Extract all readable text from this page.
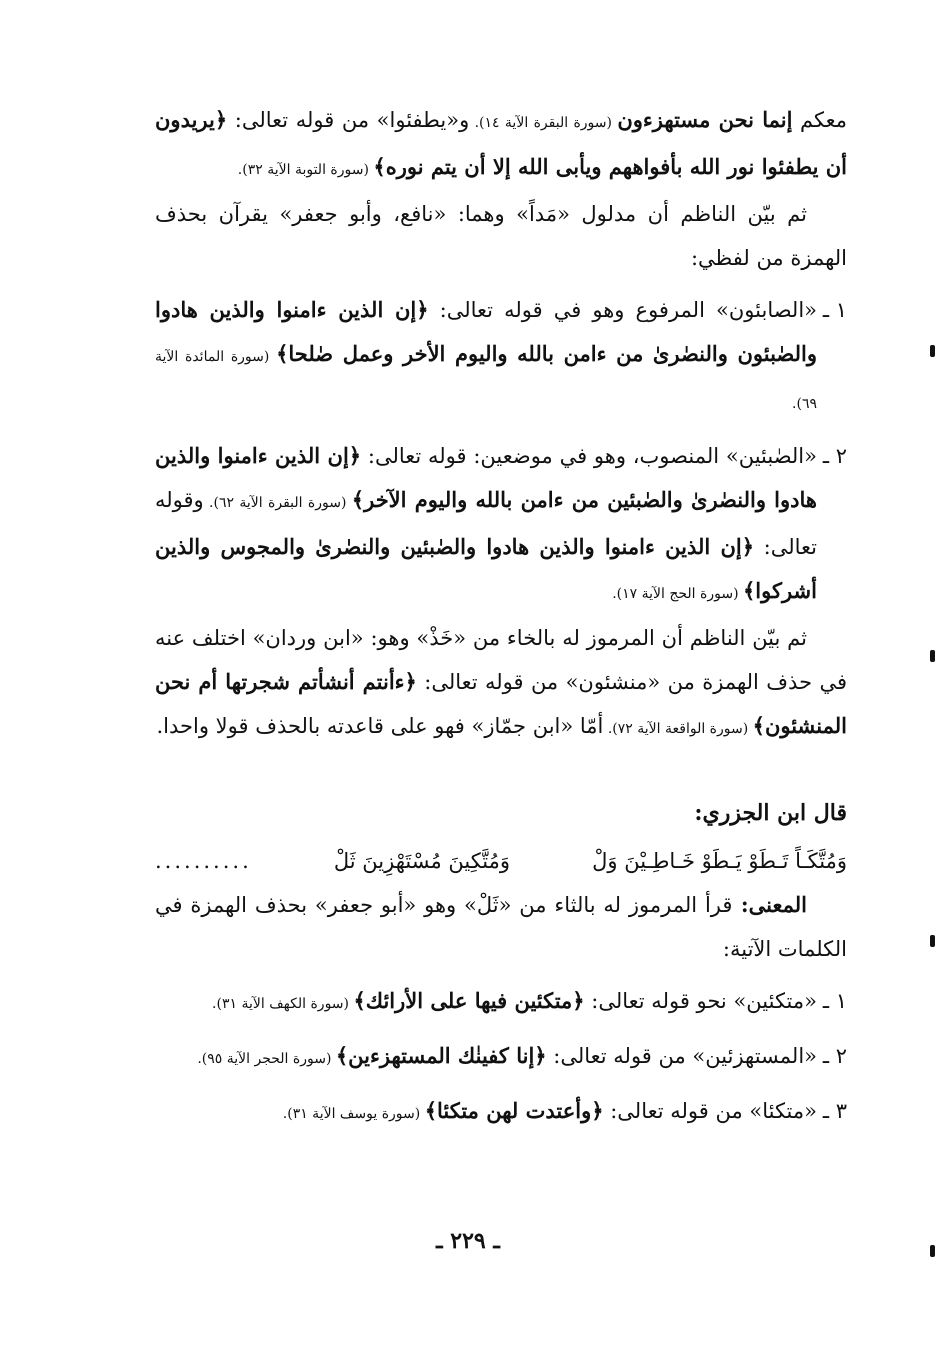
معكم إنما نحن مستهزءون (سورة البقرة الآية ١٤). و«يطفئوا» من قوله تعالى: ﴿يريدون أن يطفئوا نور الله بأفواههم ويأبى الله إلا أن يتم نوره﴾ (سورة التوبة الآية ٣٢).

ثم بيّن الناظم أن مدلول «مَداً» وهما: «نافع، وأبو جعفر» يقرآن بحذف الهمزة من لفظي:

١ ـ

«الصابئون» المرفوع وهو في قوله تعالى: ﴿إن الذين ءامنوا والذين هادوا والصٰبئون والنصٰرىٰ من ءامن بالله واليوم الأخر وعمل صٰلحا﴾ (سورة المائدة الآية ٦٩).

٢ ـ

«الصٰبئين» المنصوب، وهو في موضعين: قوله تعالى: ﴿إن الذين ءامنوا والذين هادوا والنصٰرىٰ والصٰبئين من ءامن بالله واليوم الآخر﴾ (سورة البقرة الآية ٦٢). وقوله تعالى: ﴿إن الذين ءامنوا والذين هادوا والصٰبئين والنصٰرىٰ والمجوس والذين أشركوا﴾ (سورة الحج الآية ١٧).

ثم بيّن الناظم أن المرموز له بالخاء من «خَذْ» وهو: «ابن وردان» اختلف عنه في حذف الهمزة من «منشئون» من قوله تعالى: ﴿ءأنتم أنشأتم شجرتها أم نحن المنشئون﴾ (سورة الواقعة الآية ٧٢). أمّا «ابن جمّاز» فهو على قاعدته بالحذف قولا واحدا.

قال ابن الجزري:
وَمُتَّكَـاً تَـطَوْ يَـطَوْ خَـاطِـيْنَ وَلْ
وَمُتَّكِينَ مُسْتَهْزِينَ ثَلْ
..........

المعنى: قرأ المرموز له بالثاء من «ثَلْ» وهو «أبو جعفر» بحذف الهمزة في الكلمات الآتية:

١ ـ

«متكئين» نحو قوله تعالى: ﴿متكئين فيها على الأرائك﴾ (سورة الكهف الآية ٣١).

٢ ـ

«المستهزئين» من قوله تعالى: ﴿إنا كفينٰك المستهزءين﴾ (سورة الحجر الآية ٩٥).

٣ ـ

«متكئا» من قوله تعالى: ﴿وأعتدت لهن متكئا﴾ (سورة يوسف الآية ٣١).

ـ ٢٢٩ ـ
